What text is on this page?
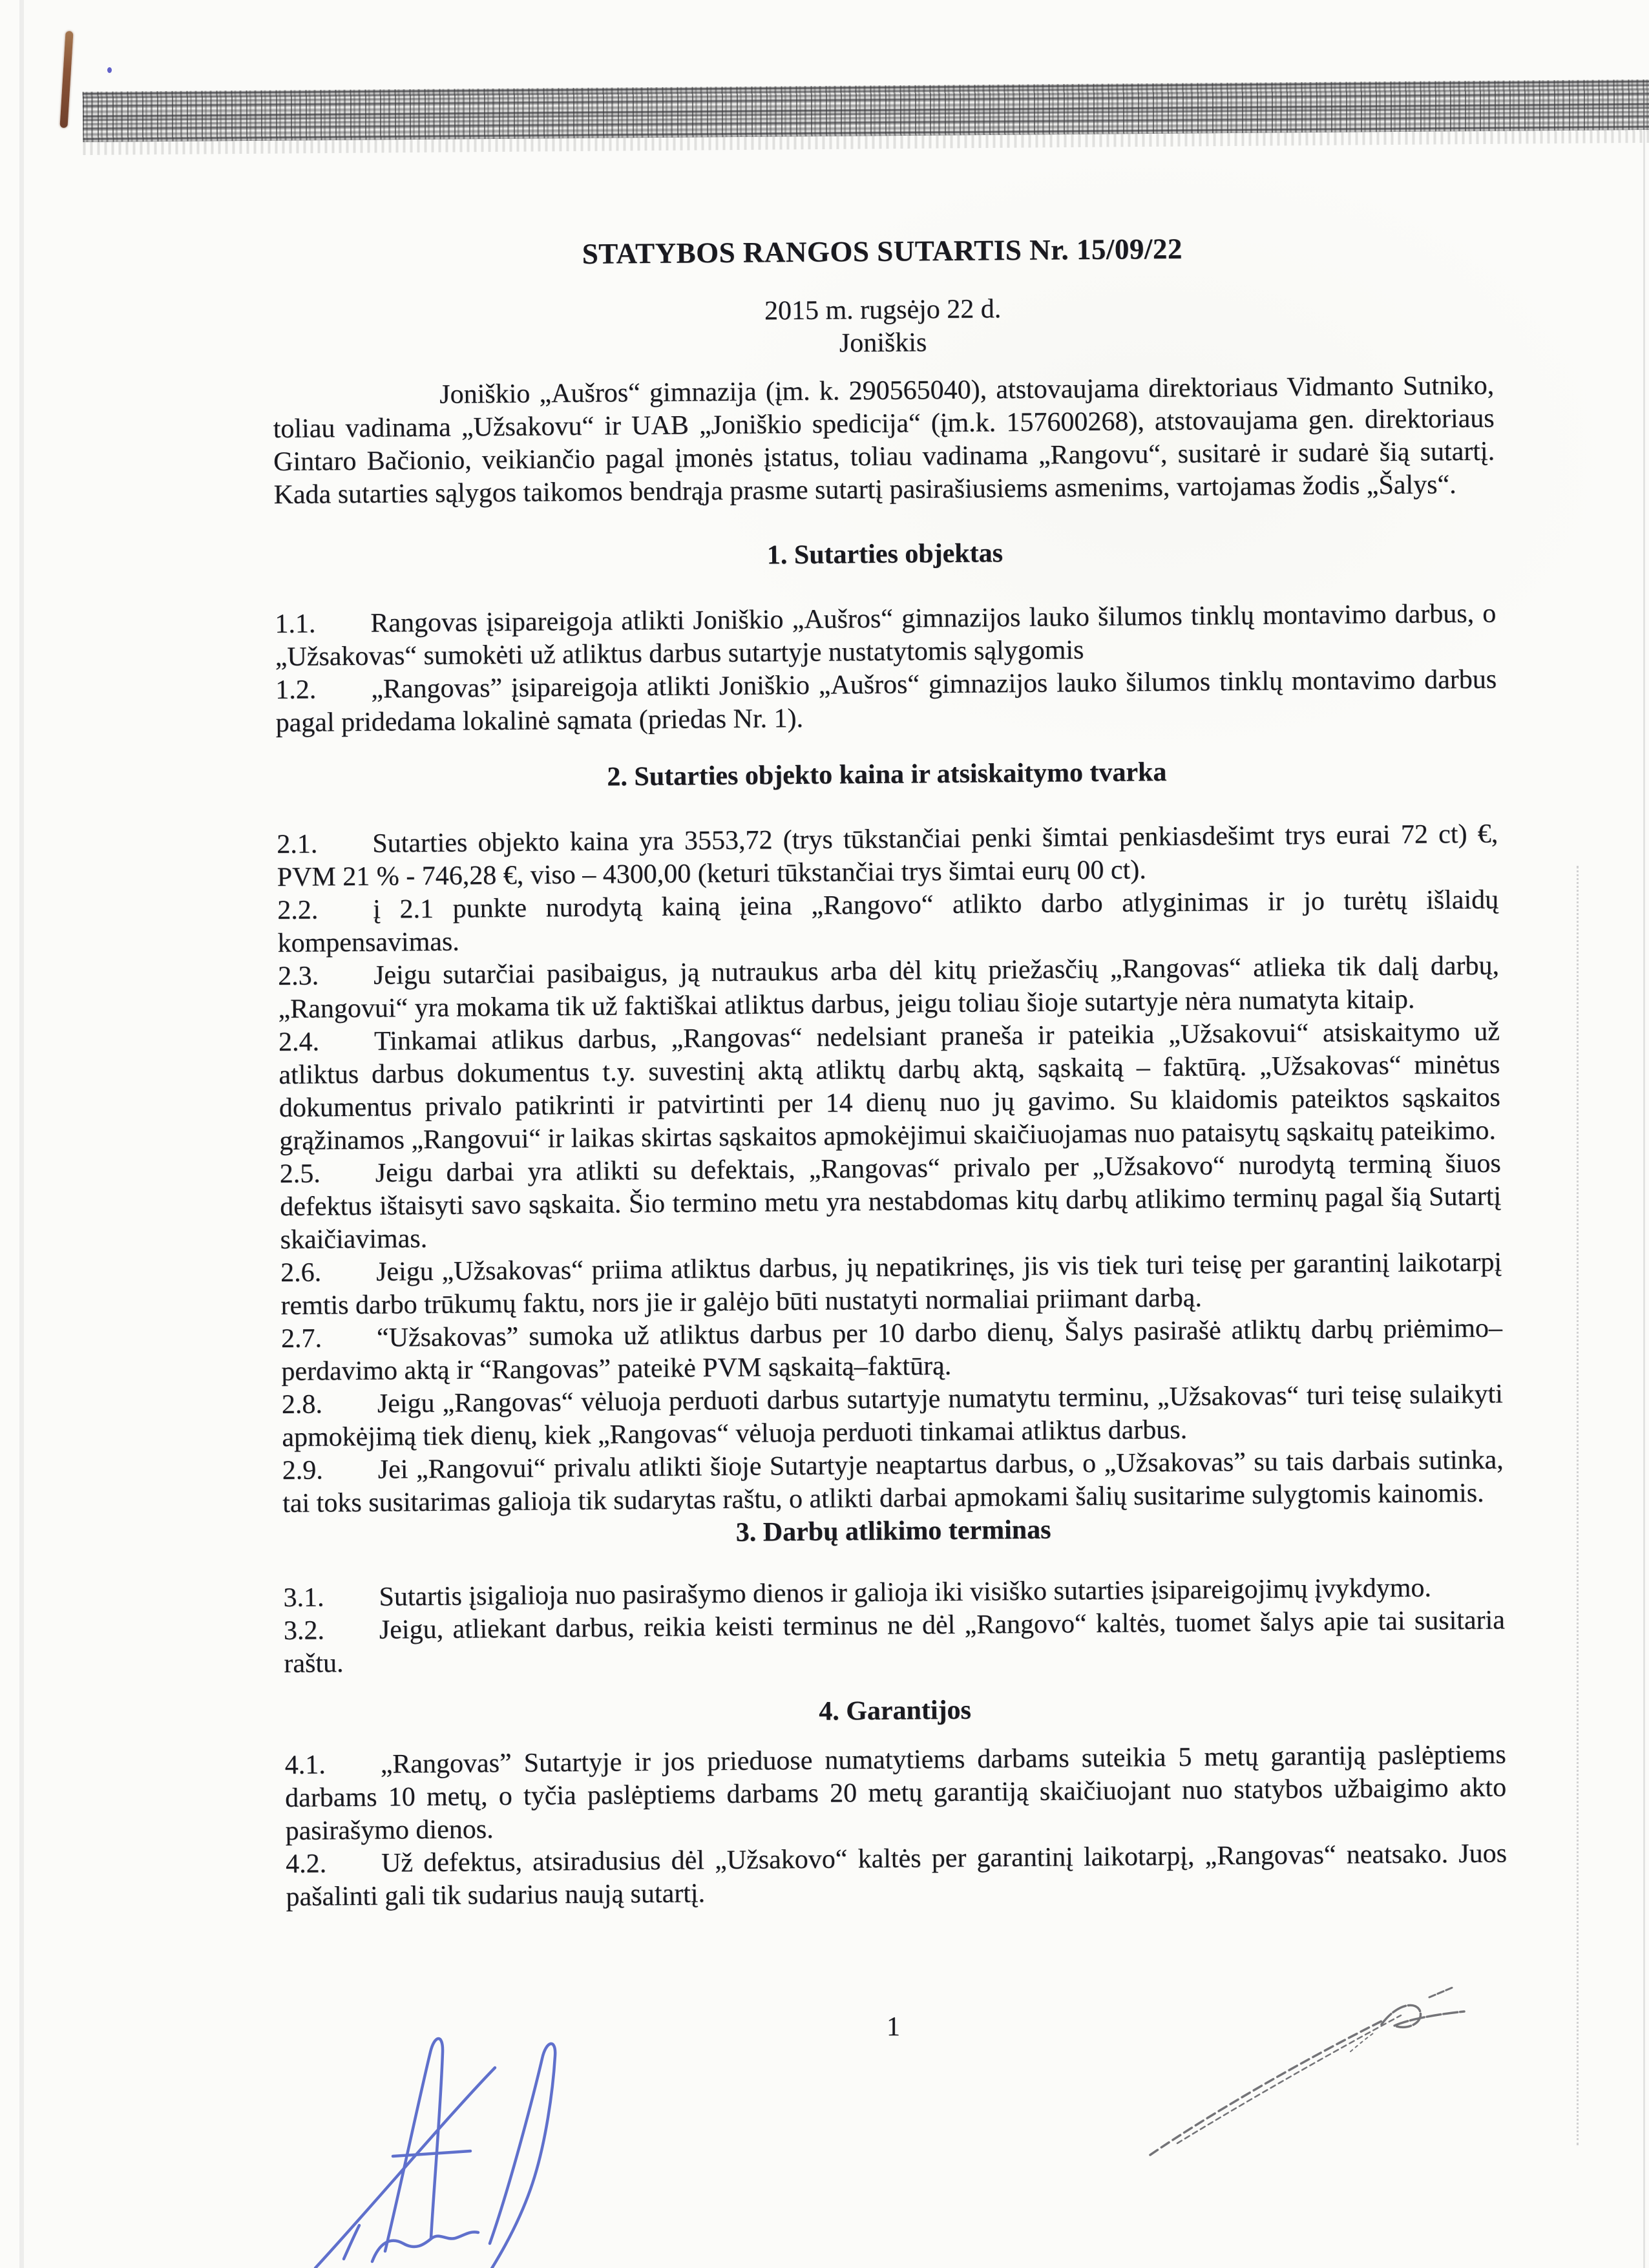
STATYBOS RANGOS SUTARTIS Nr. 15/09/22

2015 m. rugsėjo 22 d.

Joniškis

Joniškio „Aušros“ gimnazija (įm. k. 290565040), atstovaujama direktoriaus Vidmanto Sutniko, toliau vadinama „Užsakovu“ ir UAB „Joniškio spedicija“ (įm.k. 157600268), atstovaujama gen. direktoriaus Gintaro Bačionio, veikiančio pagal įmonės įstatus, toliau vadinama „Rangovu“, susitarė ir sudarė šią sutartį. Kada sutarties sąlygos taikomos bendrąja prasme sutartį pasirašiusiems asmenims, vartojamas žodis „Šalys“.

1. Sutarties objektas

1.1. Rangovas įsipareigoja atlikti Joniškio „Aušros“ gimnazijos lauko šilumos tinklų montavimo darbus, o „Užsakovas“ sumokėti už atliktus darbus sutartyje nustatytomis sąlygomis

1.2. „Rangovas” įsipareigoja atlikti Joniškio „Aušros“ gimnazijos lauko šilumos tinklų montavimo darbus pagal pridedama lokalinė sąmata (priedas Nr. 1).

2. Sutarties objekto kaina ir atsiskaitymo tvarka

2.1. Sutarties objekto kaina yra 3553,72 (trys tūkstančiai penki šimtai penkiasdešimt trys eurai 72 ct) €, PVM 21 % - 746,28 €, viso – 4300,00 (keturi tūkstančiai trys šimtai eurų 00 ct).

2.2. į 2.1 punkte nurodytą kainą įeina „Rangovo“ atlikto darbo atlyginimas ir jo turėtų išlaidų kompensavimas.

2.3. Jeigu sutarčiai pasibaigus, ją nutraukus arba dėl kitų priežasčių „Rangovas“ atlieka tik dalį darbų, „Rangovui“ yra mokama tik už faktiškai atliktus darbus, jeigu toliau šioje sutartyje nėra numatyta kitaip.

2.4. Tinkamai atlikus darbus, „Rangovas“ nedelsiant praneša ir pateikia „Užsakovui“ atsiskaitymo už atliktus darbus dokumentus t.y. suvestinį aktą atliktų darbų aktą, sąskaitą – faktūrą. „Užsakovas“ minėtus dokumentus privalo patikrinti ir patvirtinti per 14 dienų nuo jų gavimo. Su klaidomis pateiktos sąskaitos grąžinamos „Rangovui“ ir laikas skirtas sąskaitos apmokėjimui skaičiuojamas nuo pataisytų sąskaitų pateikimo.

2.5. Jeigu darbai yra atlikti su defektais, „Rangovas“ privalo per „Užsakovo“ nurodytą terminą šiuos defektus ištaisyti savo sąskaita. Šio termino metu yra nestabdomas kitų darbų atlikimo terminų pagal šią Sutartį skaičiavimas.

2.6. Jeigu „Užsakovas“ priima atliktus darbus, jų nepatikrinęs, jis vis tiek turi teisę per garantinį laikotarpį remtis darbo trūkumų faktu, nors jie ir galėjo būti nustatyti normaliai priimant darbą.

2.7. “Užsakovas” sumoka už atliktus darbus per 10 darbo dienų, Šalys pasirašė atliktų darbų priėmimo–perdavimo aktą ir “Rangovas” pateikė PVM sąskaitą–faktūrą.

2.8. Jeigu „Rangovas“ vėluoja perduoti darbus sutartyje numatytu terminu, „Užsakovas“ turi teisę sulaikyti apmokėjimą tiek dienų, kiek „Rangovas“ vėluoja perduoti tinkamai atliktus darbus.

2.9. Jei „Rangovui“ privalu atlikti šioje Sutartyje neaptartus darbus, o „Užsakovas” su tais darbais sutinka, tai toks susitarimas galioja tik sudarytas raštu, o atlikti darbai apmokami šalių susitarime sulygtomis kainomis.

3. Darbų atlikimo terminas

3.1. Sutartis įsigalioja nuo pasirašymo dienos ir galioja iki visiško sutarties įsipareigojimų įvykdymo.

3.2. Jeigu, atliekant darbus, reikia keisti terminus ne dėl „Rangovo“ kaltės, tuomet šalys apie tai susitaria raštu.

4. Garantijos

4.1. „Rangovas” Sutartyje ir jos prieduose numatytiems darbams suteikia 5 metų garantiją paslėptiems darbams 10 metų, o tyčia paslėptiems darbams 20 metų garantiją skaičiuojant nuo statybos užbaigimo akto pasirašymo dienos.

4.2. Už defektus, atsiradusius dėl „Užsakovo“ kaltės per garantinį laikotarpį, „Rangovas“ neatsako. Juos pašalinti gali tik sudarius naują sutartį.

1
